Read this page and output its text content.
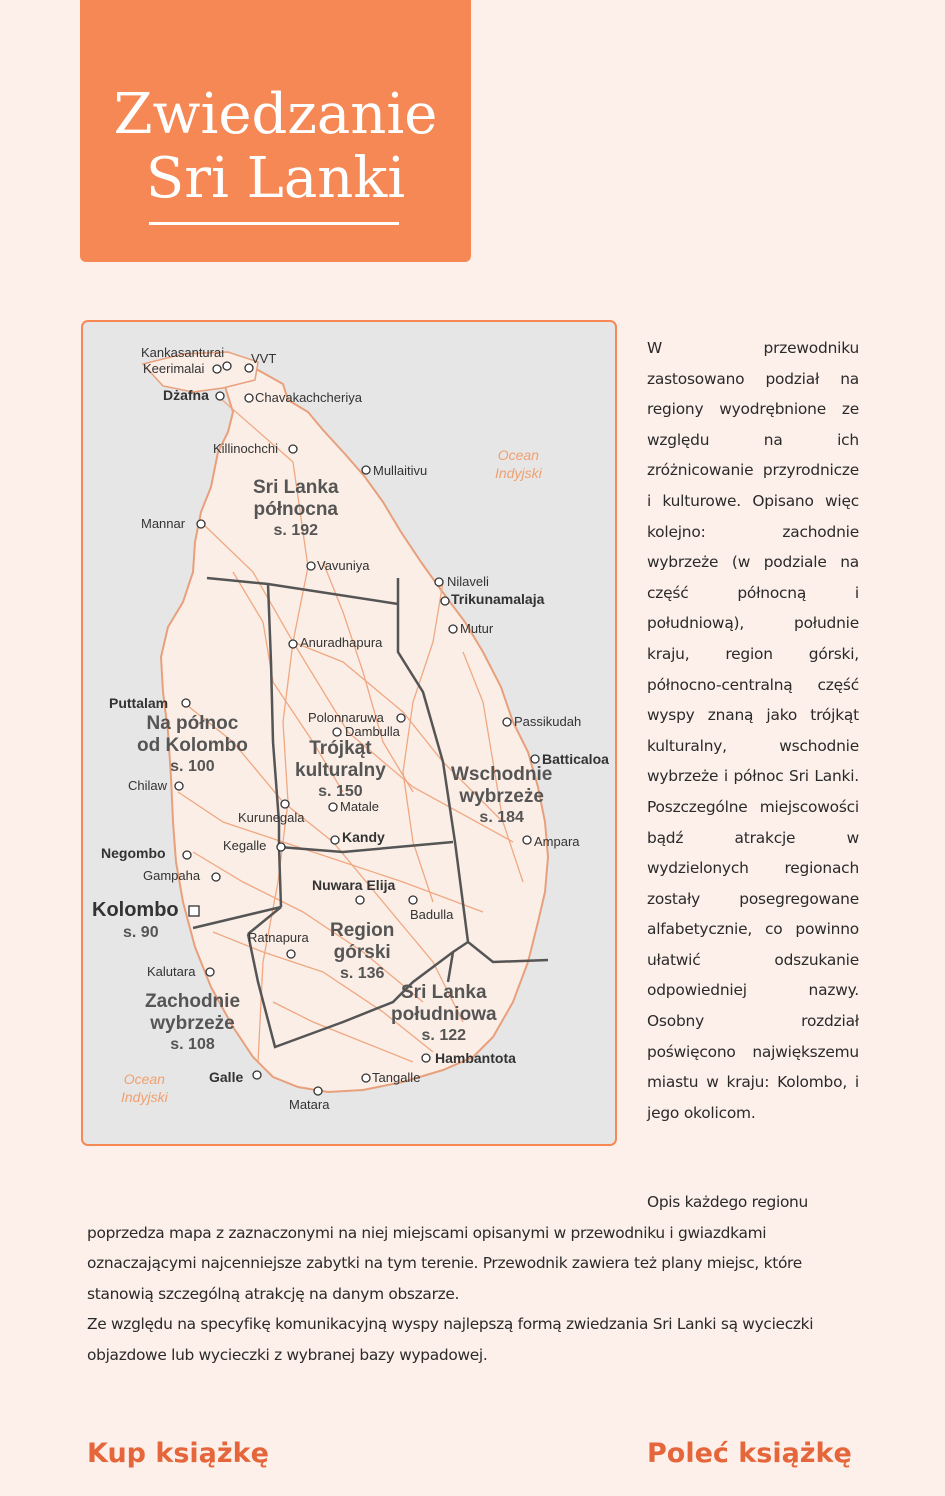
Zwiedzanie
Sri Lanki
Kankasanturai VVT
Keerimalai
Dżafna	Chavakachcheriya
Killinochchi
Mullaitivu
Mannar
Vavuniya
Nilaveli
Trikunamalaja
Mutur
Anuradhapura
Puttalam
Polonnaruwa
Dambulla
Passikudah
Batticaloa
Chilaw
Matale
Kurunegala
Kandy	Ampara
Negombo	Kegalle
Gampaha
Nuwara Elija
Kolombo	Badulla
Ratnapura
Kalutara
Hambantota
Galle	Tangalle
Matara
Ocean
Indyjski
Ocean
Indyjski
Sri Lanka
północna
s. 192
Na północ
od Kolombo
s. 100
Trójkąt
kulturalny
s. 150
Wschodnie
wybrzeże
s. 184
s. 90	Region
górski
s. 136
Sri Lanka
południowa
s. 122
Zachodnie
wybrzeże
s. 108
W przewodniku zastosowano podział na regiony wyodrębnione ze względu na ich zróżnicowanie przyrodnicze i kulturowe. Opisano więc kolejno: zachodnie wybrzeże (w podziale na część północną i południową), południe kraju, region górski, północno-centralną część wyspy znaną jako trójkąt kulturalny, wschodnie wybrzeże i północ Sri Lanki. Poszczególne miejscowości bądź atrakcje w wydzielonych regionach zostały posegregowane alfabetycznie, co powinno ułatwić odszukanie odpowiedniej nazwy. Osobny rozdział poświęcono największemu miastu w kraju: Kolombo, i jego okolicom.

Opis każdego regionu poprzedza mapa z zaznaczonymi na niej miejscami opisanymi w przewodniku i gwiazdkami oznaczającymi najcenniejsze zabytki na tym terenie. Przewodnik zawiera też plany miejsc, które stanowią szczególną atrakcję na danym obszarze.

Ze względu na specyfikę komunikacyjną wyspy najlepszą formą zwiedzania Sri Lanki są wycieczki objazdowe lub wycieczki z wybranej bazy wypadowej.

Kup książkę	Poleć książkę
